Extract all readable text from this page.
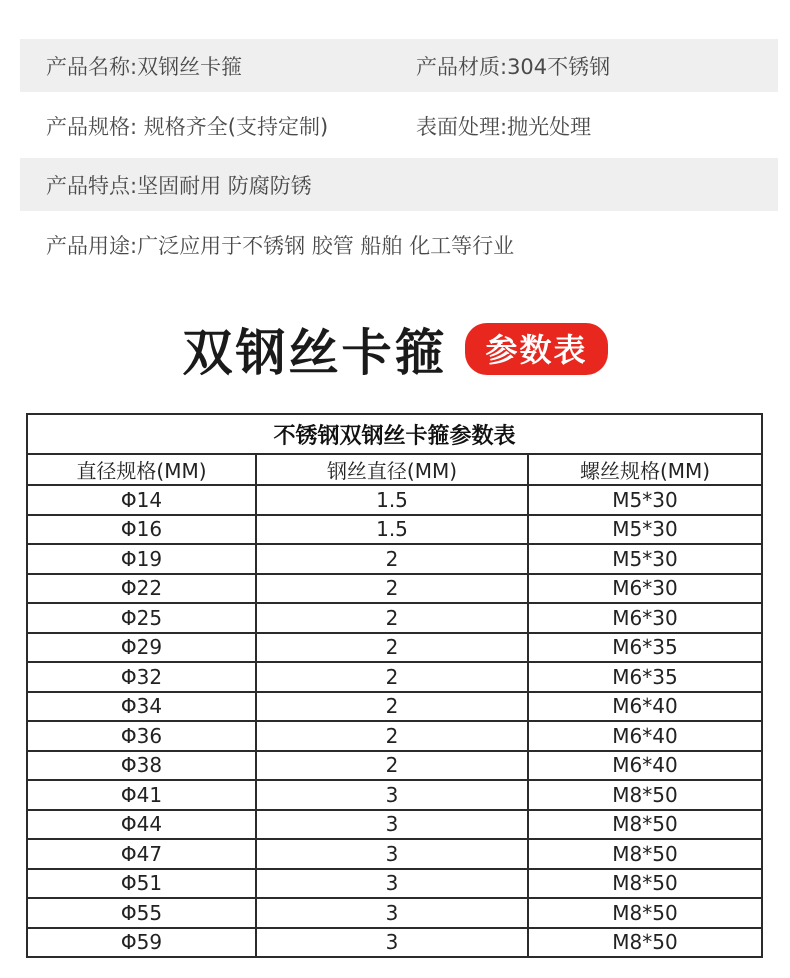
产品名称:双钢丝卡箍	产品材质:304不锈钢
产品规格: 规格齐全(支持定制)	表面处理:抛光处理
产品特点:坚固耐用 防腐防锈
产品用途:广泛应用于不锈钢 胶管 船舶 化工等行业
双钢丝卡箍	参数表
不锈钢双钢丝卡箍参数表		
直径规格(MM)	钢丝直径(MM)	螺丝规格(MM)
Φ14	1.5	M5*30
Φ16	1.5	M5*30
Φ19	2	M5*30
Φ22	2	M6*30
Φ25	2	M6*30
Φ29	2	M6*35
Φ32	2	M6*35
Φ34	2	M6*40
Φ36	2	M6*40
Φ38	2	M6*40
Φ41	3	M8*50
Φ44	3	M8*50
Φ47	3	M8*50
Φ51	3	M8*50
Φ55	3	M8*50
Φ59	3	M8*50
